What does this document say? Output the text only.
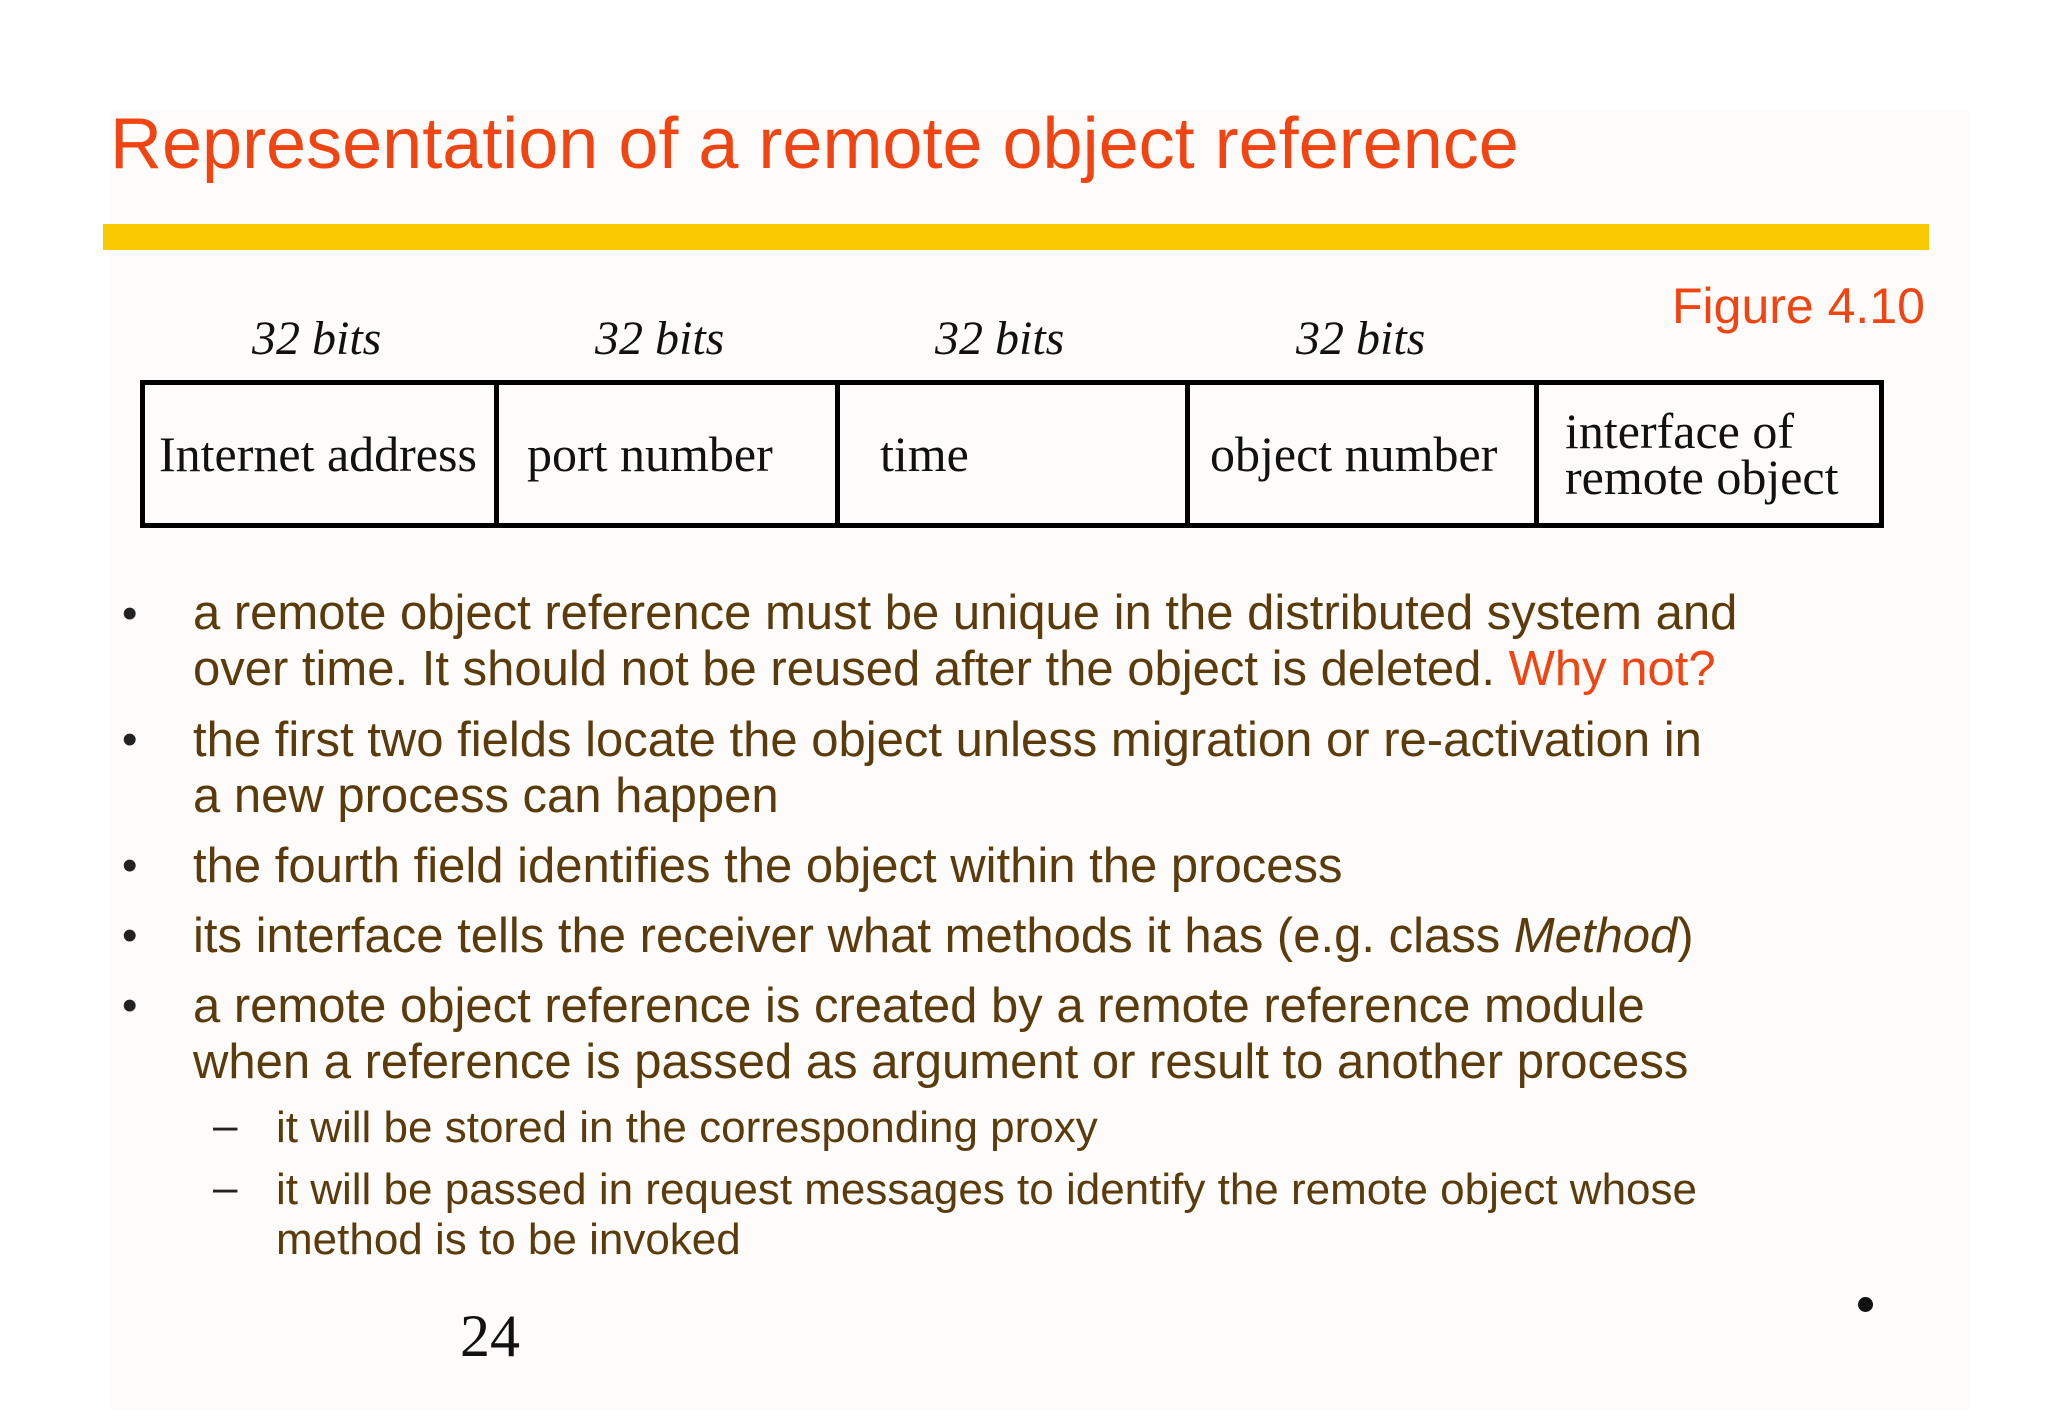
Representation of a remote object reference
Figure 4.10
32 bits	32 bits	32 bits	32 bits
Internet address	port number	time	object number	interface of
remote object
• a remote object reference must be unique in the distributed system and
over time. It should not be reused after the object is deleted. Why not?
• the first two fields locate the object unless migration or re-activation in
a new process can happen
• the fourth field identifies the object within the process
• its interface tells the receiver what methods it has (e.g. class Method)
• a remote object reference is created by a remote reference module
when a reference is passed as argument or result to another process
– it will be stored in the corresponding proxy
– it will be passed in request messages to identify the remote object whose
method is to be invoked
24
